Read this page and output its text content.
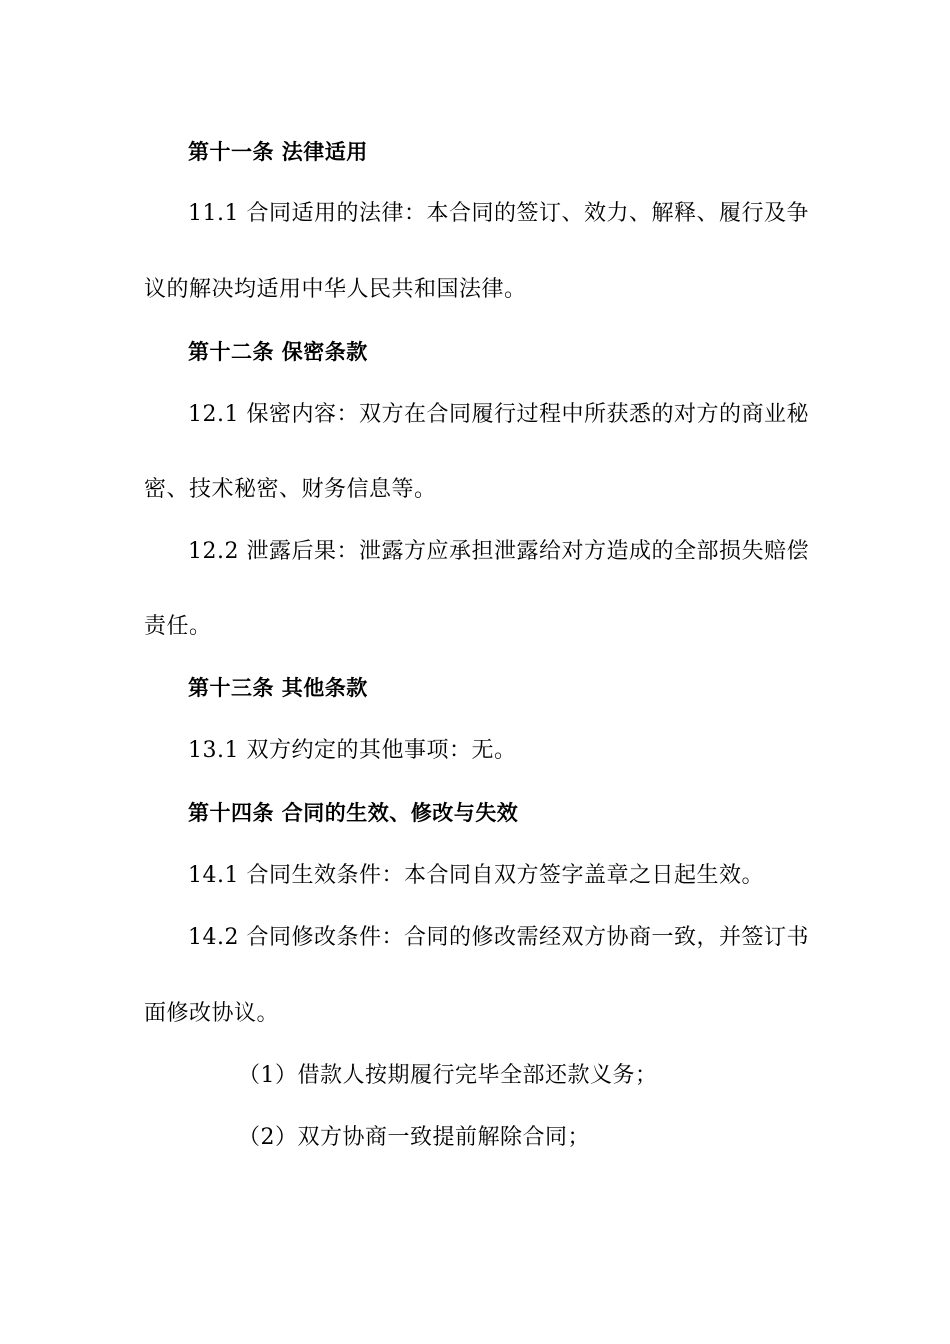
第十一条 法律适用
11.1 合同适用的法律：本合同的签订、效力、解释、履行及争
议的解决均适用中华人民共和国法律。
第十二条 保密条款
12.1 保密内容：双方在合同履行过程中所获悉的对方的商业秘
密、技术秘密、财务信息等。
12.2 泄露后果：泄露方应承担泄露给对方造成的全部损失赔偿
责任。
第十三条 其他条款
13.1 双方约定的其他事项：无。
第十四条 合同的生效、修改与失效
14.1 合同生效条件：本合同自双方签字盖章之日起生效。
14.2 合同修改条件：合同的修改需经双方协商一致，并签订书
面修改协议。
（1）借款人按期履行完毕全部还款义务；
（2）双方协商一致提前解除合同；
